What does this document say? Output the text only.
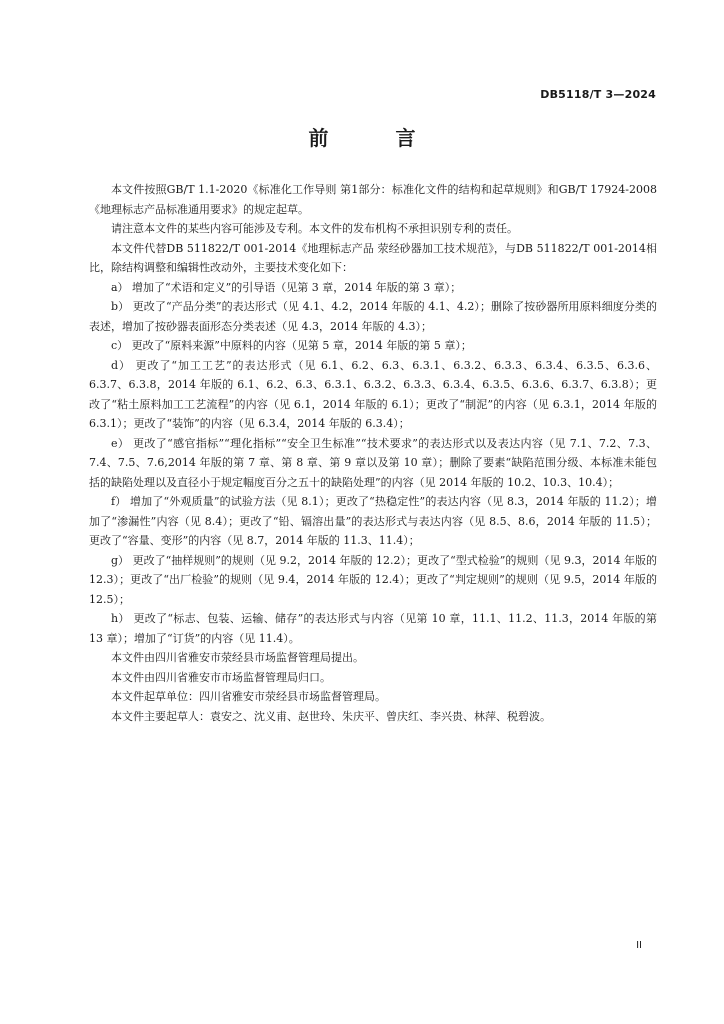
DB5118/T 3—2024
前 言

本文件按照GB/T 1.1-2020《标准化工作导则 第1部分：标准化文件的结构和起草规则》和GB/T 17924-2008《地理标志产品标准通用要求》的规定起草。

请注意本文件的某些内容可能涉及专利。本文件的发布机构不承担识别专利的责任。

本文件代替DB 511822/T 001-2014《地理标志产品 荥经砂器加工技术规范》，与DB 511822/T 001-2014相比，除结构调整和编辑性改动外，主要技术变化如下：

a） 增加了“术语和定义”的引导语（见第 3 章，2014 年版的第 3 章）；

b） 更改了“产品分类”的表达形式（见 4.1、4.2，2014 年版的 4.1、4.2）；删除了按砂器所用原料细度分类的表述，增加了按砂器表面形态分类表述（见 4.3，2014 年版的 4.3）；

c） 更改了“原料来源”中原料的内容（见第 5 章，2014 年版的第 5 章）；

d） 更改了“加工工艺”的表达形式（见 6.1、6.2、6.3、6.3.1、6.3.2、6.3.3、6.3.4、6.3.5、6.3.6、6.3.7、6.3.8，2014 年版的 6.1、6.2、6.3、6.3.1、6.3.2、6.3.3、6.3.4、6.3.5、6.3.6、6.3.7、6.3.8）；更改了“粘土原料加工工艺流程”的内容（见 6.1，2014 年版的 6.1）；更改了“制泥”的内容（见 6.3.1，2014 年版的 6.3.1）；更改了“装饰”的内容（见 6.3.4，2014 年版的 6.3.4）；

e） 更改了“感官指标”“理化指标”“安全卫生标准”“技术要求”的表达形式以及表达内容（见 7.1、7.2、7.3、7.4、7.5、7.6,2014 年版的第 7 章、第 8 章、第 9 章以及第 10 章）；删除了要素“缺陷范围分级、本标准未能包括的缺陷处理以及直径小于规定幅度百分之五十的缺陷处理”的内容（见 2014 年版的 10.2、10.3、10.4）；

f） 增加了“外观质量”的试验方法（见 8.1）；更改了“热稳定性”的表达内容（见 8.3，2014 年版的 11.2）；增加了“渗漏性”内容（见 8.4）；更改了“铅、镉溶出量”的表达形式与表达内容（见 8.5、8.6，2014 年版的 11.5）；更改了“容量、变形”的内容（见 8.7，2014 年版的 11.3、11.4）；

g） 更改了“抽样规则”的规则（见 9.2，2014 年版的 12.2）；更改了“型式检验”的规则（见 9.3，2014 年版的 12.3）；更改了“出厂检验”的规则（见 9.4，2014 年版的 12.4）；更改了“判定规则”的规则（见 9.5，2014 年版的 12.5）；

h） 更改了“标志、包装、运输、储存”的表达形式与内容（见第 10 章，11.1、11.2、11.3，2014 年版的第 13 章）；增加了“订货”的内容（见 11.4）。

本文件由四川省雅安市荥经县市场监督管理局提出。

本文件由四川省雅安市市场监督管理局归口。

本文件起草单位：四川省雅安市荥经县市场监督管理局。

本文件主要起草人：袁安之、沈义甫、赵世玲、朱庆平、曾庆红、李兴贵、林萍、税碧波。

II
